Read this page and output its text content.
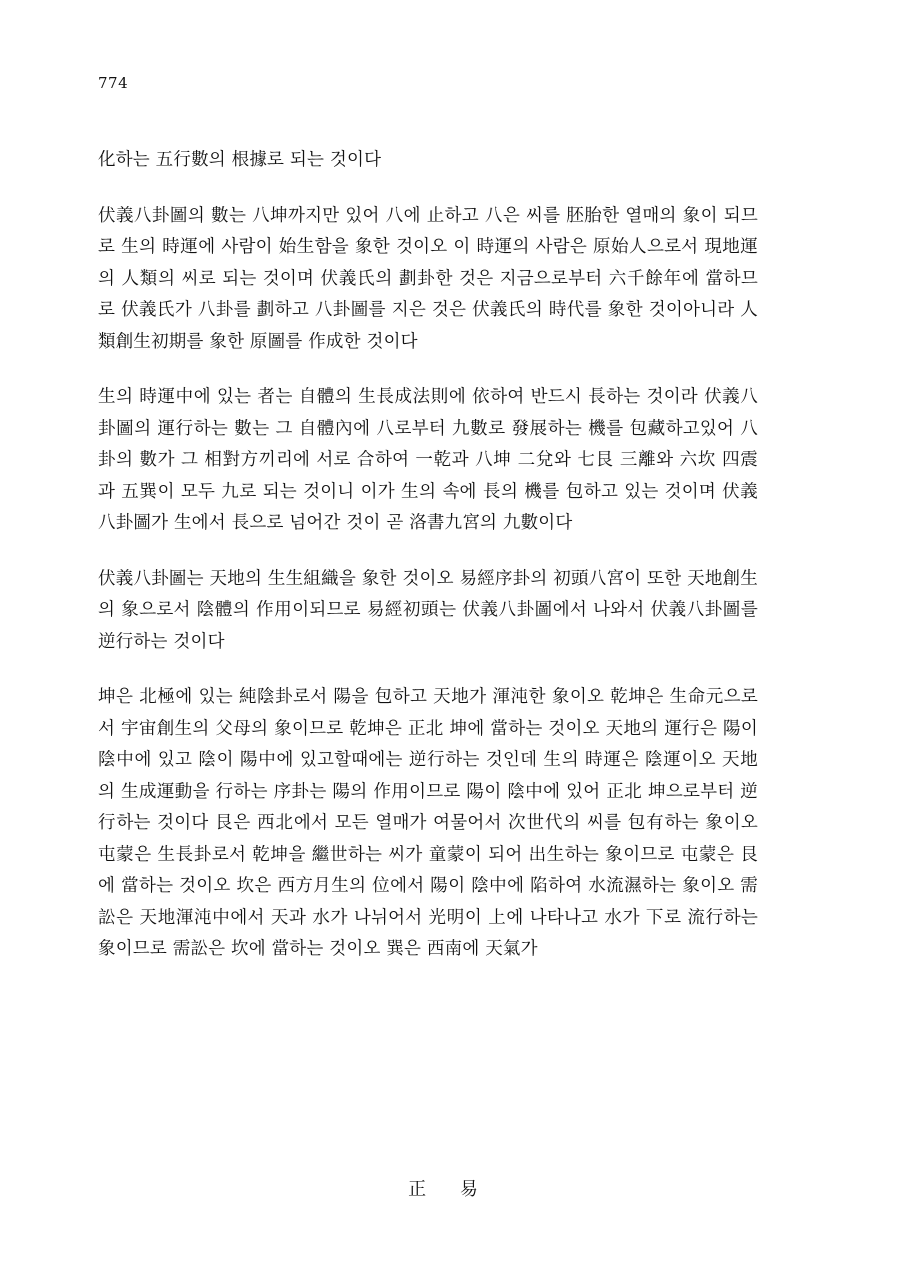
774

化하는 五行數의 根據로 되는 것이다

伏義八卦圖의 數는 八坤까지만 있어 八에 止하고 八은 씨를 胚胎한 열매의 象이 되므로 生의 時運에 사람이 始生함을 象한 것이오 이 時運의 사람은 原始人으로서 現地運의 人類의 씨로 되는 것이며 伏義氏의 劃卦한 것은 지금으로부터 六千餘年에 當하므로 伏義氏가 八卦를 劃하고 八卦圖를 지은 것은 伏義氏의 時代를 象한 것이아니라 人類創生初期를 象한 原圖를 作成한 것이다

生의 時運中에 있는 者는 自體의 生長成法則에 依하여 반드시 長하는 것이라 伏義八卦圖의 運行하는 數는 그 自體內에 八로부터 九數로 發展하는 機를 包藏하고있어 八卦의 數가 그 相對方끼리에 서로 合하여 一乾과 八坤 二兌와 七艮 三離와 六坎 四震과 五巽이 모두 九로 되는 것이니 이가 生의 속에 長의 機를 包하고 있는 것이며 伏義八卦圖가 生에서 長으로 넘어간 것이 곧 洛書九宮의 九數이다

伏義八卦圖는 天地의 生生組織을 象한 것이오 易經序卦의 初頭八宮이 또한 天地創生의 象으로서 陰體의 作用이되므로 易經初頭는 伏義八卦圖에서 나와서 伏義八卦圖를 逆行하는 것이다

坤은 北極에 있는 純陰卦로서 陽을 包하고 天地가 渾沌한 象이오 乾坤은 生命元으로서 宇宙創生의 父母의 象이므로 乾坤은 正北 坤에 當하는 것이오 天地의 運行은 陽이 陰中에 있고 陰이 陽中에 있고할때에는 逆行하는 것인데 生의 時運은 陰運이오 天地의 生成運動을 行하는 序卦는 陽의 作用이므로 陽이 陰中에 있어 正北 坤으로부터 逆行하는 것이다 艮은 西北에서 모든 열매가 여물어서 次世代의 씨를 包有하는 象이오 屯蒙은 生長卦로서 乾坤을 繼世하는 씨가 童蒙이 되어 出生하는 象이므로 屯蒙은 艮에 當하는 것이오 坎은 西方月生의 位에서 陽이 陰中에 陷하여 水流濕하는 象이오 需訟은 天地渾沌中에서 天과 水가 나뉘어서 光明이 上에 나타나고 水가 下로 流行하는 象이므로 需訟은 坎에 當하는 것이오 巽은 西南에 天氣가

正 易
